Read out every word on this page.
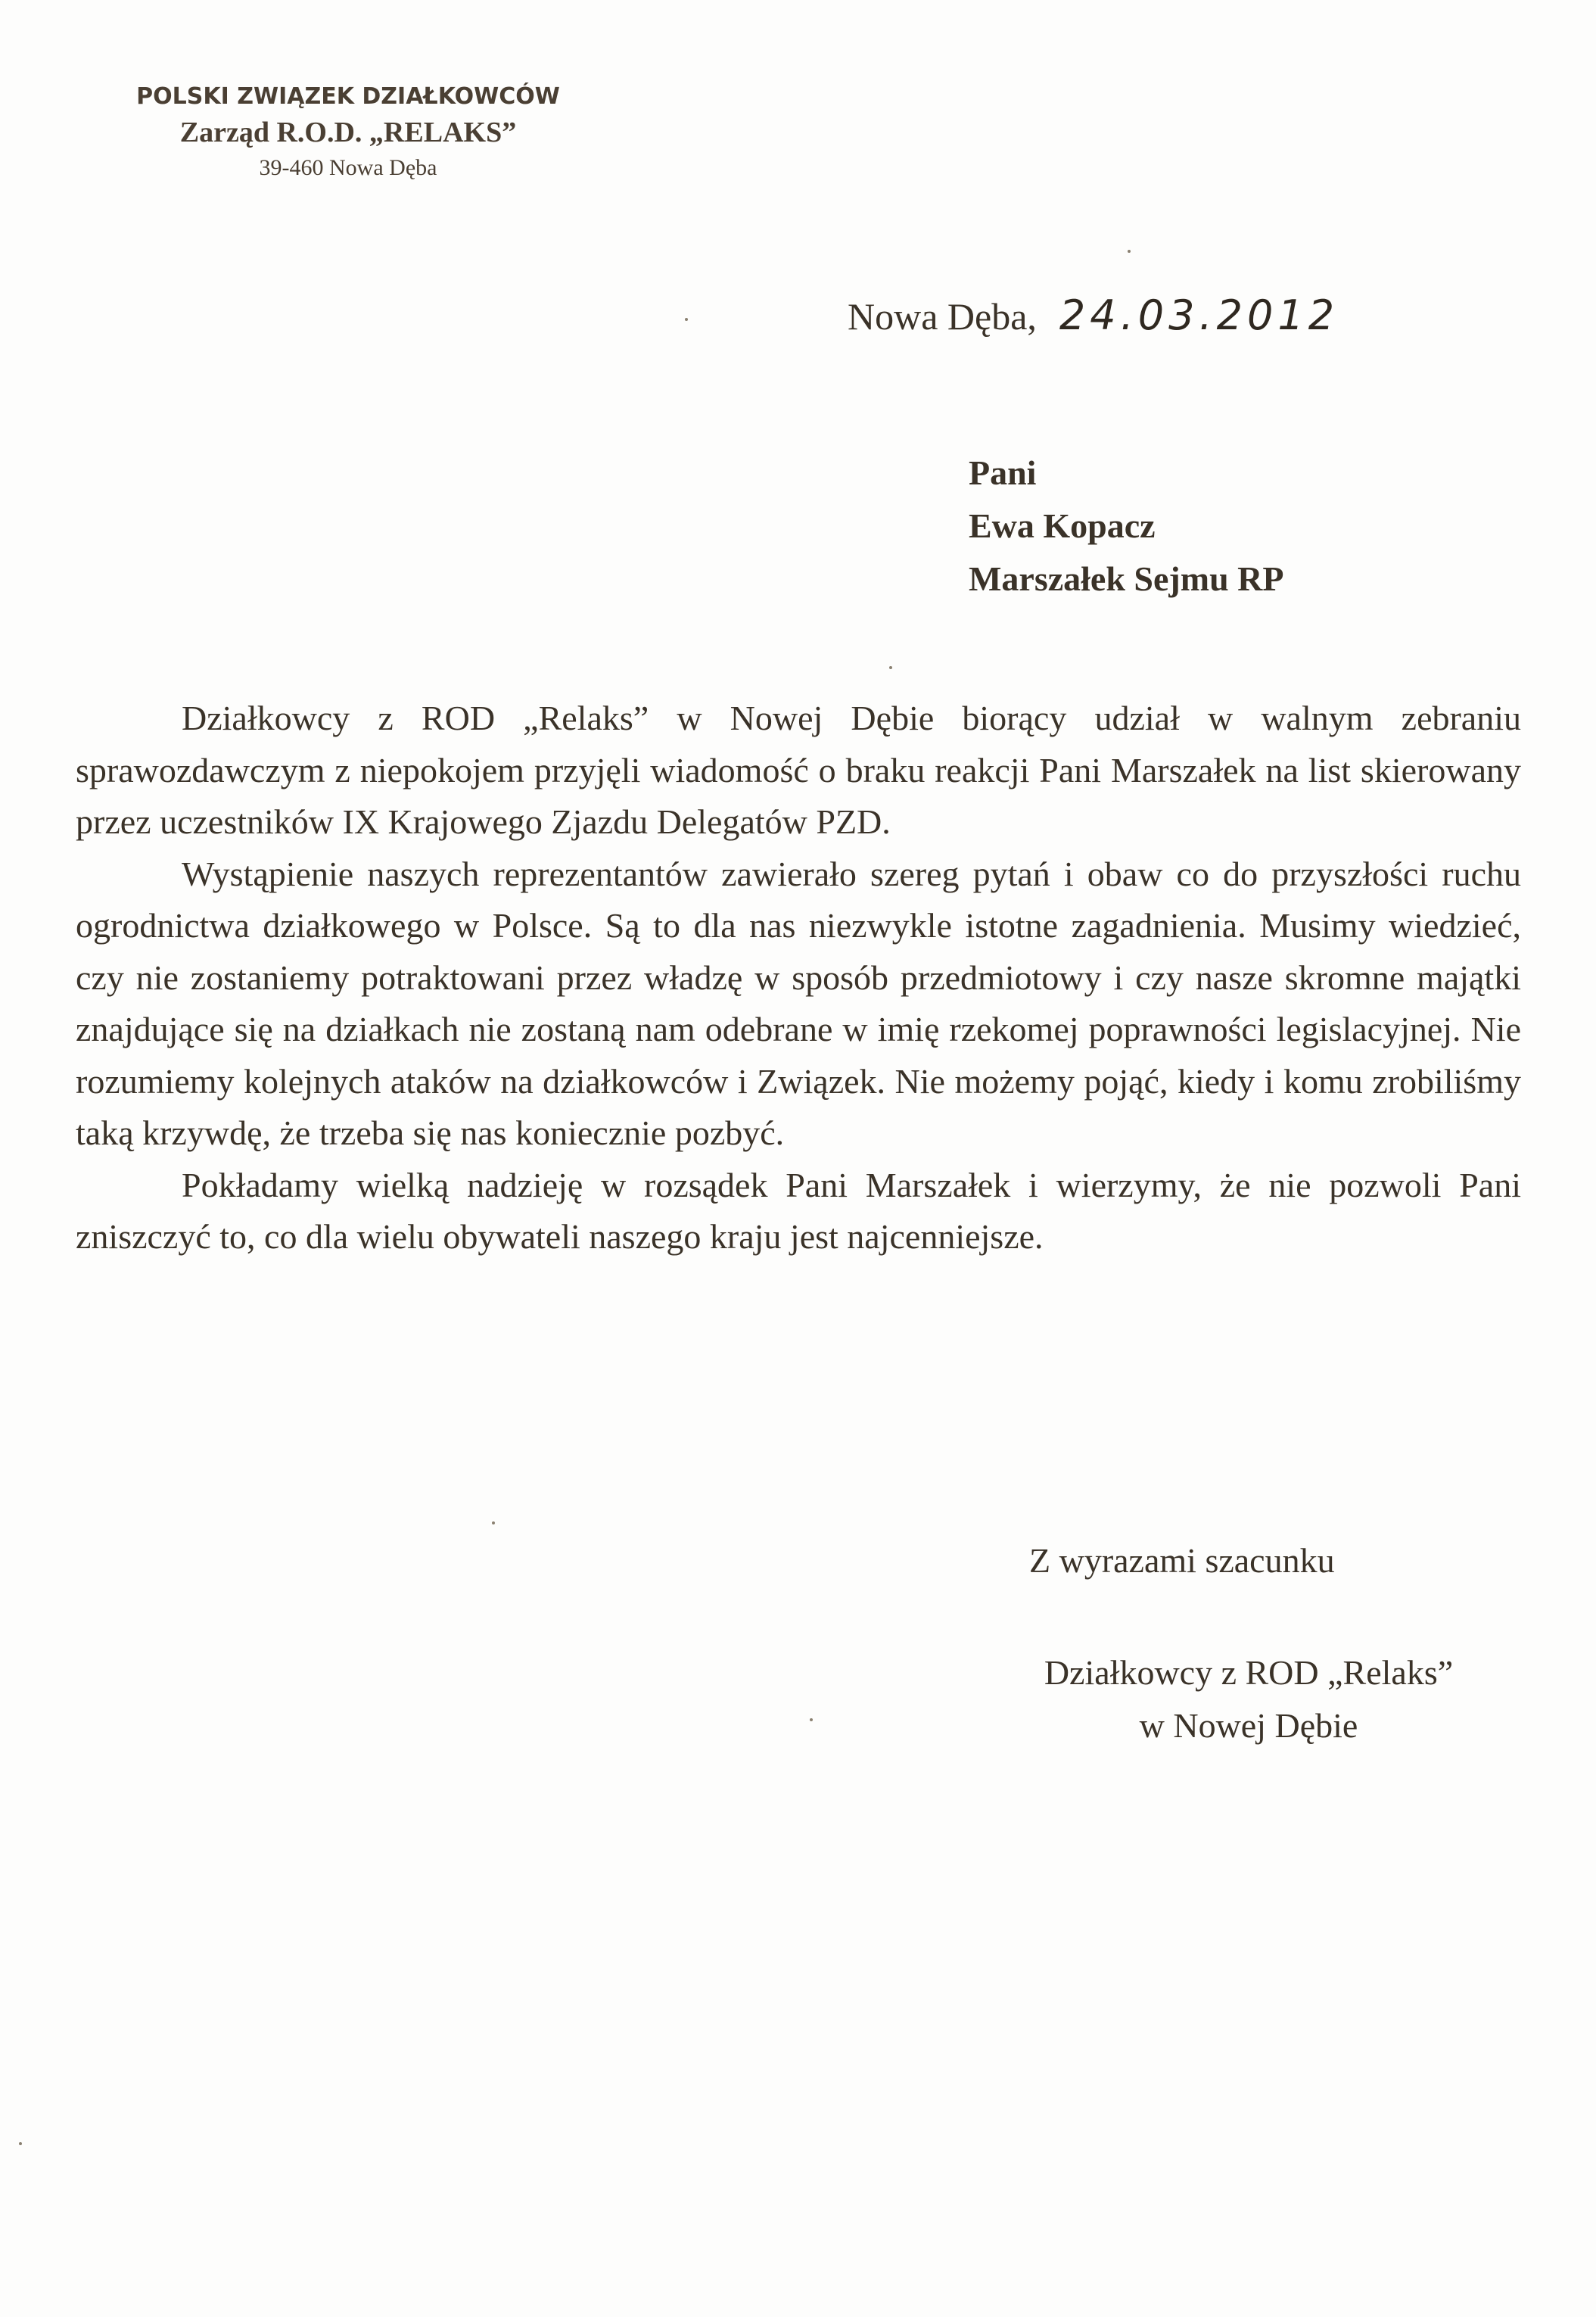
POLSKI ZWIĄZEK DZIAŁKOWCÓW
Zarząd R.O.D. „RELAKS”
39-460 Nowa Dęba
Nowa Dęba, 24.03.2012
Pani
Ewa Kopacz
Marszałek Sejmu RP

Działkowcy z ROD „Relaks” w Nowej Dębie biorący udział w walnym zebraniu sprawozdawczym z niepokojem przyjęli wiadomość o braku reakcji Pani Marszałek na list skierowany przez uczestników IX Krajowego Zjazdu Delegatów PZD.

Wystąpienie naszych reprezentantów zawierało szereg pytań i obaw co do przyszłości ruchu ogrodnictwa działkowego w Polsce. Są to dla nas niezwykle istotne zagadnienia. Musimy wiedzieć, czy nie zostaniemy potraktowani przez władzę w sposób przedmiotowy i czy nasze skromne majątki znajdujące się na działkach nie zostaną nam odebrane w imię rzekomej poprawności legislacyjnej. Nie rozumiemy kolejnych ataków na działkowców i Związek. Nie możemy pojąć, kiedy i komu zrobiliśmy taką krzywdę, że trzeba się nas koniecznie pozbyć.

Pokładamy wielką nadzieję w rozsądek Pani Marszałek i wierzymy, że nie pozwoli Pani zniszczyć to, co dla wielu obywateli naszego kraju jest najcenniejsze.

Z wyrazami szacunku
Działkowcy z ROD „Relaks”
w Nowej Dębie
